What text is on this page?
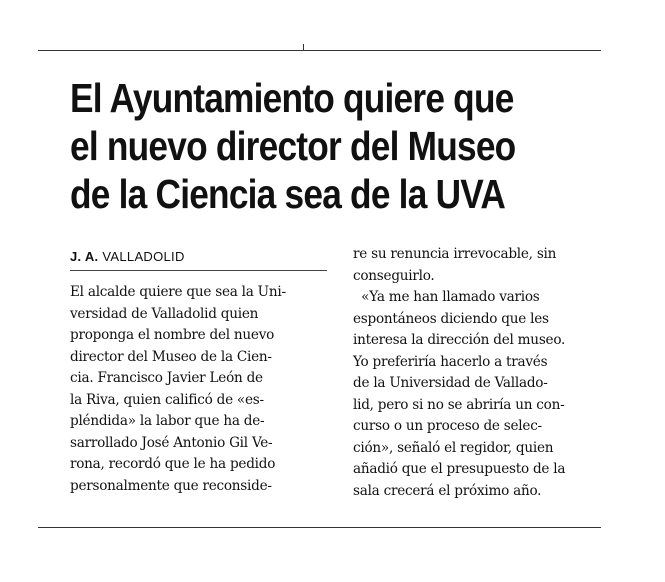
El Ayuntamiento quiere que
el nuevo director del Museo
de la Ciencia sea de la UVA
J. A. VALLADOLID
El alcalde quiere que sea la Uni-
versidad de Valladolid quien
proponga el nombre del nuevo
director del Museo de la Cien-
cia. Francisco Javier León de
la Riva, quien calificó de «es-
pléndida» la labor que ha de-
sarrollado José Antonio Gil Ve-
rona, recordó que le ha pedido
personalmente que reconside-
re su renuncia irrevocable, sin
conseguirlo.
«Ya me han llamado varios
espontáneos diciendo que les
interesa la dirección del museo.
Yo preferiría hacerlo a través
de la Universidad de Vallado-
lid, pero si no se abriría un con-
curso o un proceso de selec-
ción», señaló el regidor, quien
añadió que el presupuesto de la
sala crecerá el próximo año.
